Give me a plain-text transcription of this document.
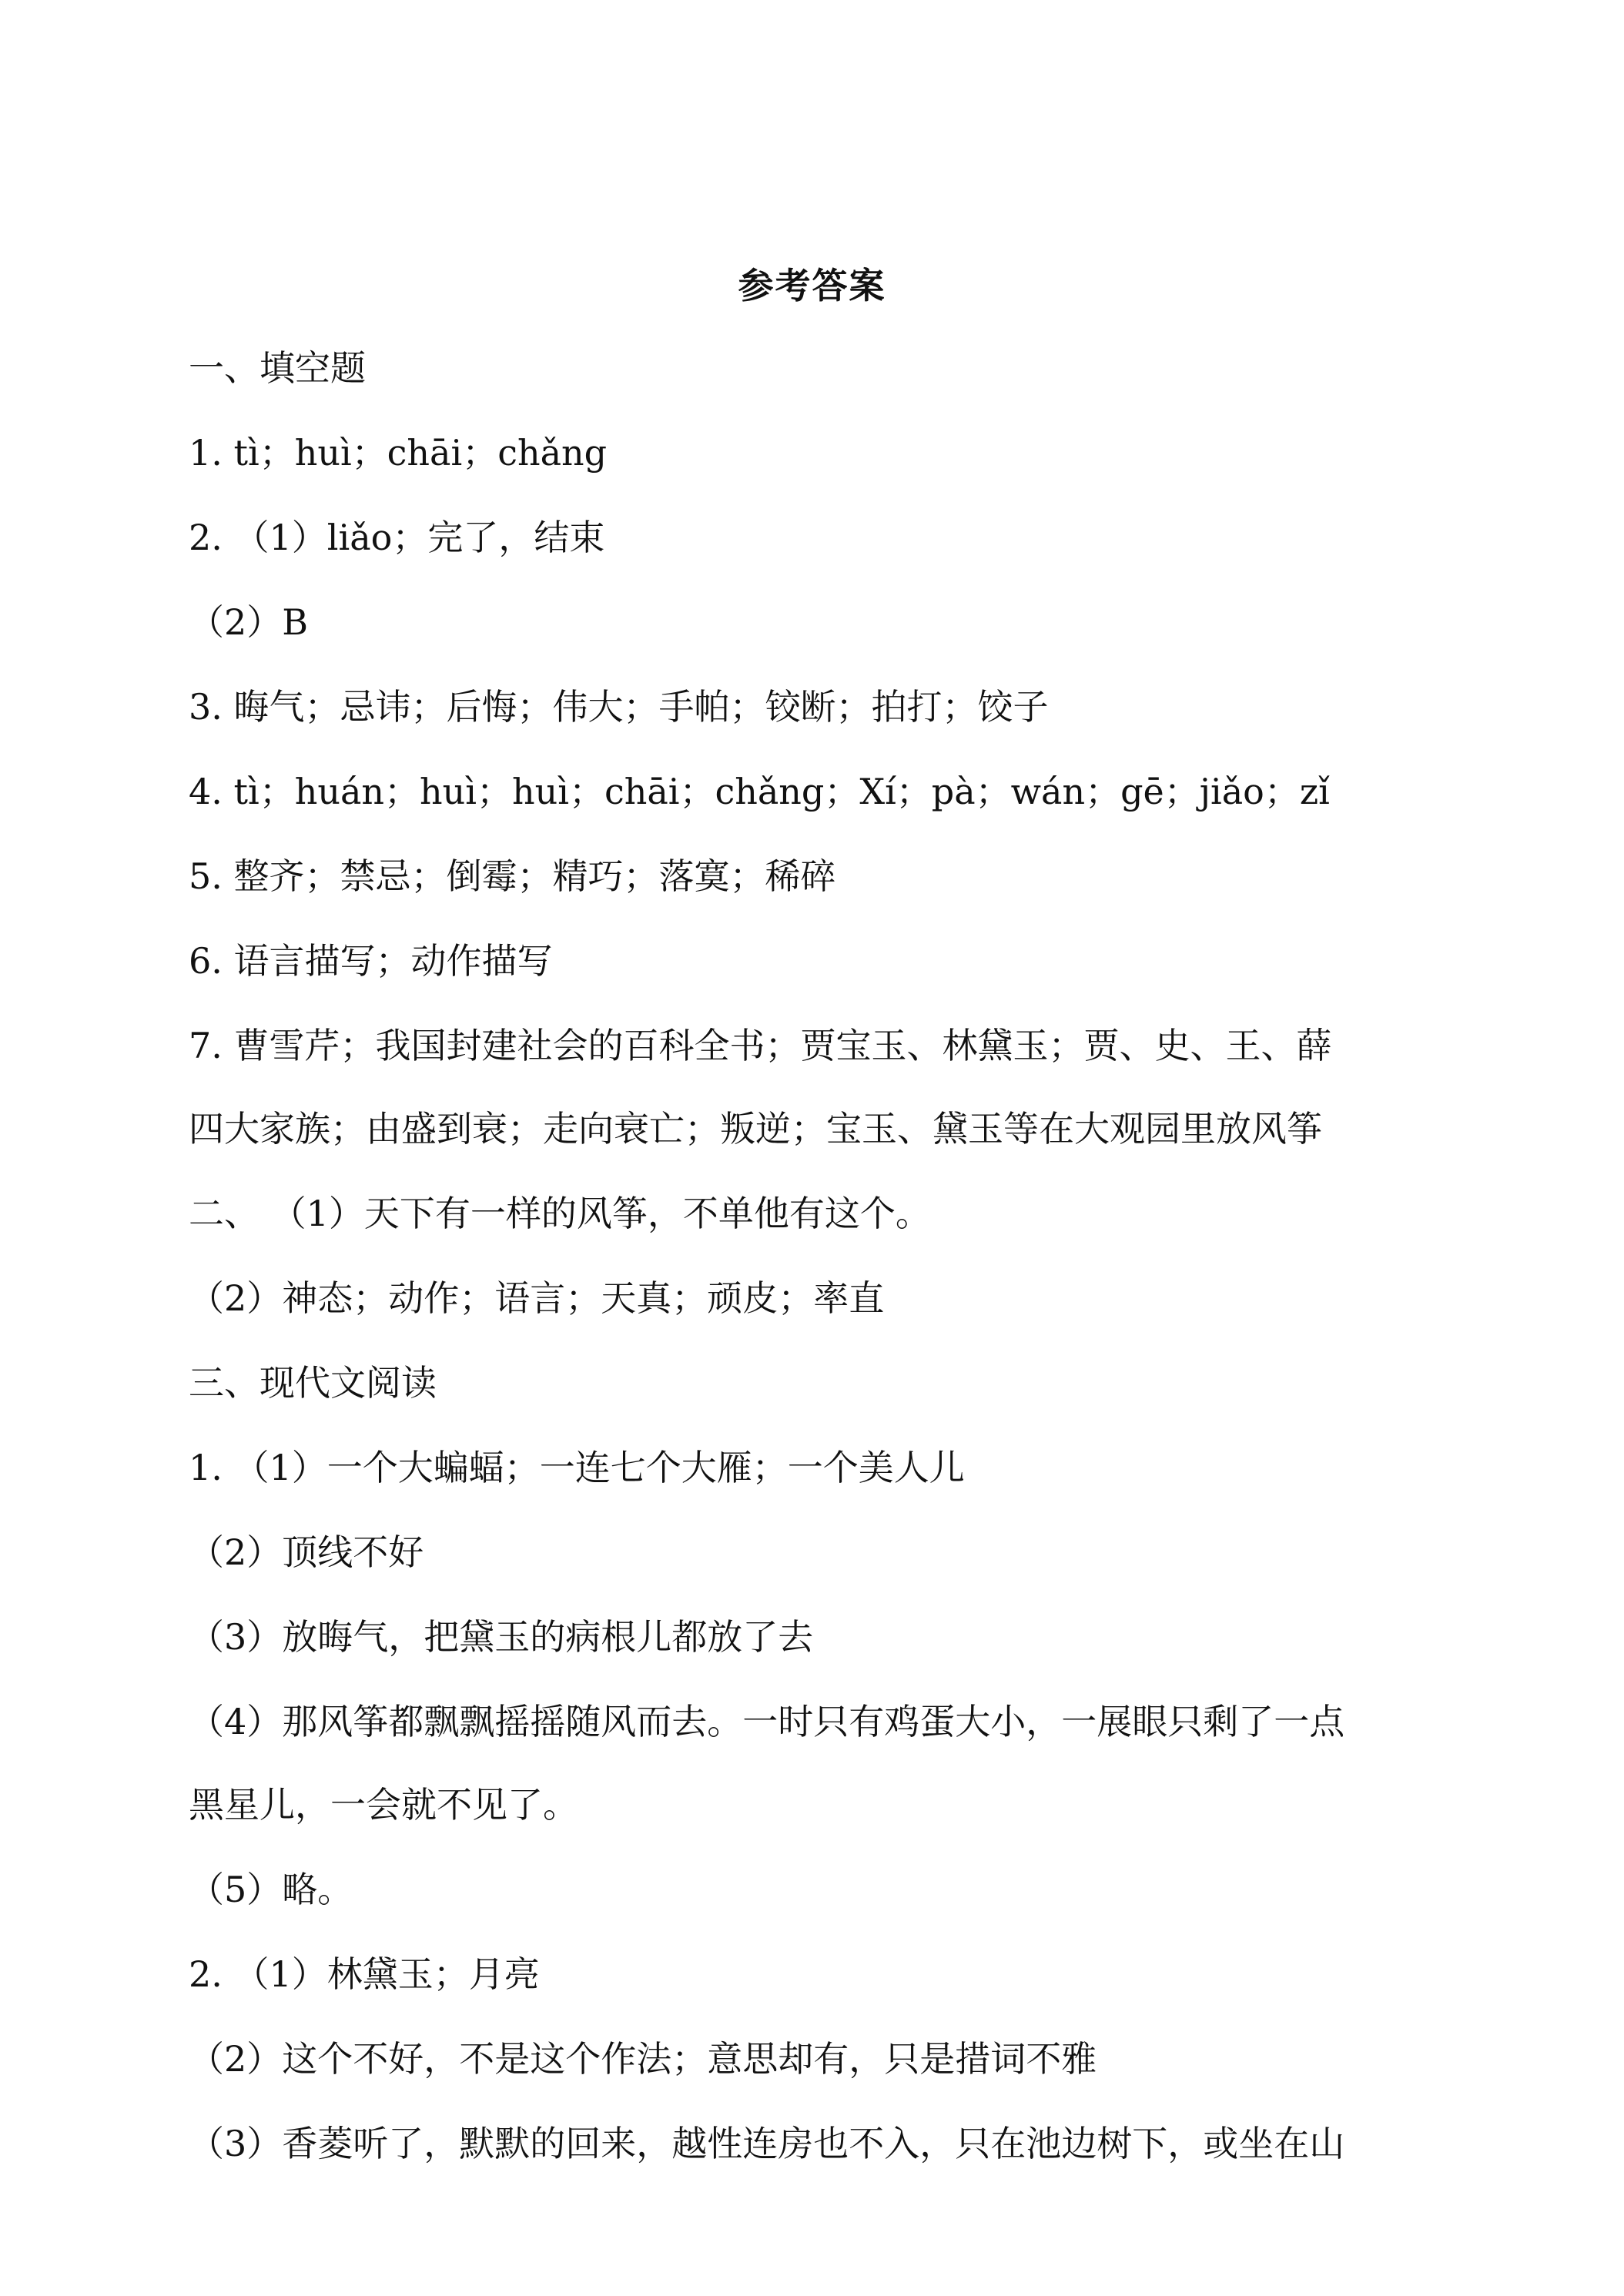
参考答案
一、填空题
1. tì；huì；chāi；chǎng
2. （1）liǎo；完了，结束
（2）B
3. 晦气；忌讳；后悔；伟大；手帕；铰断；拍打；饺子
4. tì；huán；huì；huì；chāi；chǎng；Xí；pà；wán；gē；jiǎo；zǐ
5. 整齐；禁忌；倒霉；精巧；落寞；稀碎
6. 语言描写；动作描写
7. 曹雪芹；我国封建社会的百科全书；贾宝玉、林黛玉；贾、史、王、薛
四大家族；由盛到衰；走向衰亡；叛逆；宝玉、黛玉等在大观园里放风筝
二、 （1）天下有一样的风筝，不单他有这个。
（2）神态；动作；语言；天真；顽皮；率直
三、现代文阅读
1. （1）一个大蝙蝠；一连七个大雁；一个美人儿
（2）顶线不好
（3）放晦气，把黛玉的病根儿都放了去
（4）那风筝都飘飘摇摇随风而去。一时只有鸡蛋大小，一展眼只剩了一点
黑星儿，一会就不见了。
（5）略。
2. （1）林黛玉；月亮
（2）这个不好，不是这个作法；意思却有，只是措词不雅
（3）香菱听了，默默的回来，越性连房也不入，只在池边树下，或坐在山
